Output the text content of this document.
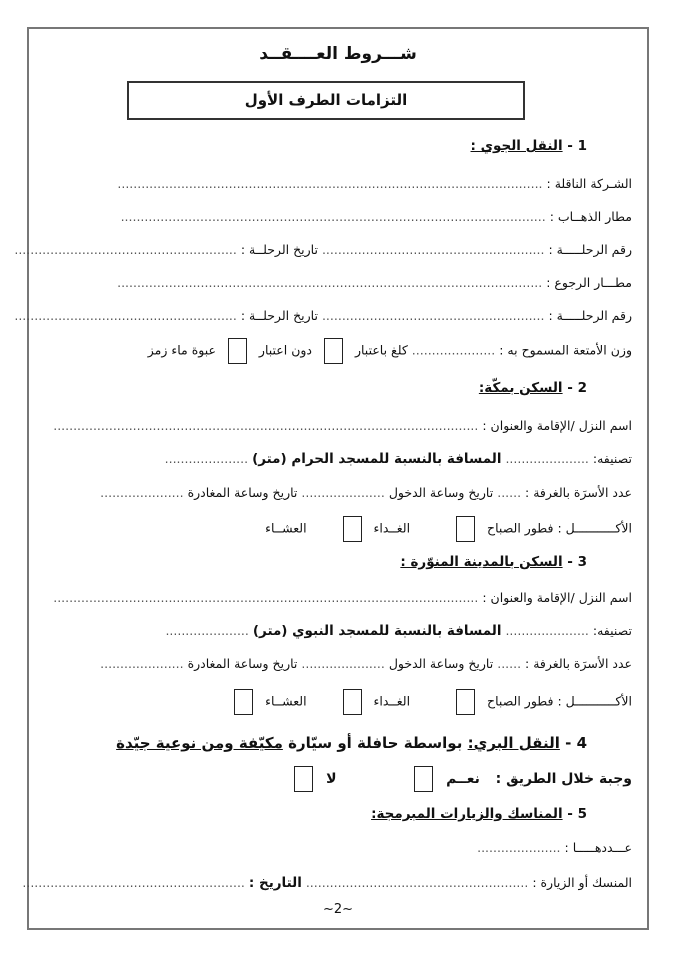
شـــروط العــــقــد
التزامات الطرف الأول
1 - النقل الجوي :
الشـركة الناقلة : ...........................................................................................................
مطار الذهــاب : ...........................................................................................................
رقم الرحلـــــة : ........................................................ تاريخ الرحلــة : ........................................................
مطـــار الرجوع : ...........................................................................................................
رقم الرحلـــــة : ........................................................ تاريخ الرحلــة : ........................................................
وزن الأمتعة المسموح به : ..................... كلغ باعتبار  دون اعتبار  عبوة ماء زمز
2 - السكن بمكّة:
اسم النزل /الإقامة والعنوان : ...........................................................................................................
تصنيفه: ..................... المسافة بالنسبة للمسجد الحرام (متر) .....................
عدد الأسرَة بالغرفة : ...... تاريخ وساعة الدخول ..................... تاريخ وساعة المغادرة .....................
الأكـــــــــــل : فطور الصباح   الغــداء   العشــاء
3 - السكن بالمدينة المنوّرة :
اسم النزل /الإقامة والعنوان : ...........................................................................................................
تصنيفه: ..................... المسافة بالنسبة للمسجد النبوي (متر) .....................
عدد الأسرَة بالغرفة : ...... تاريخ وساعة الدخول ..................... تاريخ وساعة المغادرة .....................
الأكـــــــــــل : فطور الصباح   الغــداء   العشــاء
4 - النقل البري: بواسطة حافلة أو سيّارة مكيّفة ومن نوعية جيّدة
وجبة خلال الطريق :  نعــم   لا
5 - المناسك والزيارات المبرمجة:
عـــددهـــــا : .....................
المنسك أو الزيارة : ........................................................ التاريخ : ........................................................
~2~
